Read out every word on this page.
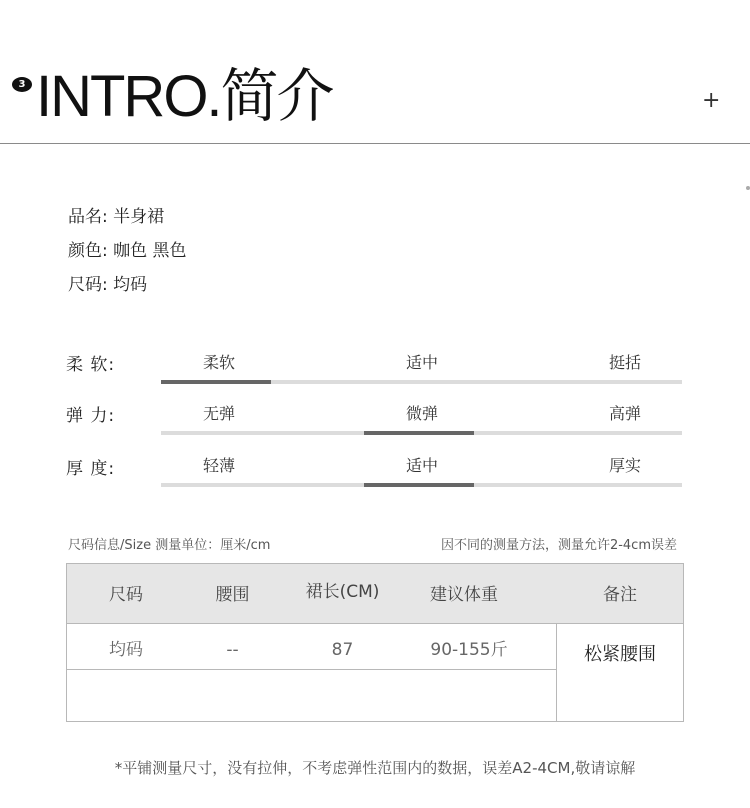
3 INTRO.简介	+
品名: 半身裙
颜色: 咖色 黑色
尺码: 均码
柔 软:	柔软	适中	挺括
弹 力:	无弹	微弹	高弹
厚 度:	轻薄	适中	厚实
尺码信息/Size 测量单位：厘米/cm	因不同的测量方法，测量允许2-4cm误差
尺码	腰围	裙长(CM)	建议体重	备注
均码	--	87	90-155斤	松紧腰围
*平铺测量尺寸，没有拉伸，不考虑弹性范围内的数据，误差A2-4CM,敬请谅解
